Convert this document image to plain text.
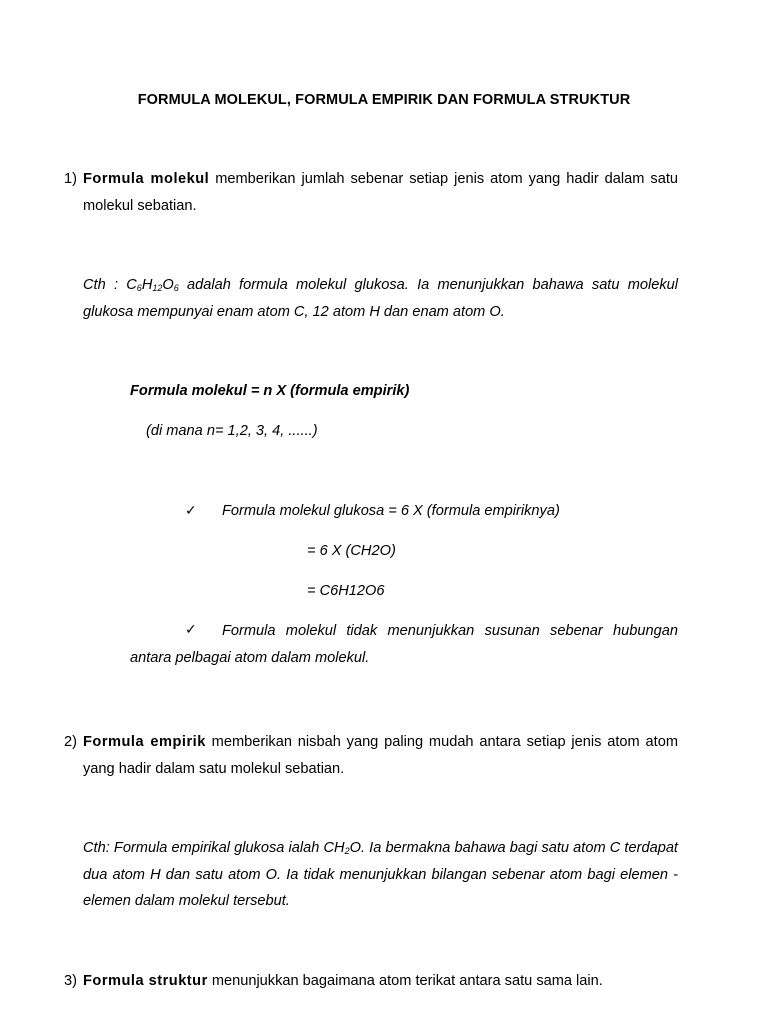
FORMULA MOLEKUL, FORMULA EMPIRIK DAN FORMULA STRUKTUR
1) Formula molekul memberikan jumlah sebenar setiap jenis atom yang hadir dalam satu molekul sebatian.
Cth : $C_6H_{12}O_6$ adalah formula molekul glukosa. Ia menunjukkan bahawa satu molekul glukosa mempunyai enam atom C, 12 atom H dan enam atom O.
Formula molekul = n X (formula empirik)
(di mana n= 1,2, 3, 4, ......)
✓ Formula molekul glukosa = 6 X (formula empiriknya)
= 6 X (CH2O)
= C6H12O6
✓	Formula molekul tidak menunjukkan susunan sebenar hubungan antara pelbagai atom dalam molekul.
2) Formula empirik memberikan nisbah yang paling mudah antara setiap jenis atom atom yang hadir dalam satu molekul sebatian.
Cth: Formula empirikal glukosa ialah $CH_2O$. Ia bermakna bahawa bagi satu atom C terdapat dua atom H dan satu atom O. Ia tidak menunjukkan bilangan sebenar atom bagi elemen - elemen dalam molekul tersebut.
3) Formula struktur menunjukkan bagaimana atom terikat antara satu sama lain.
